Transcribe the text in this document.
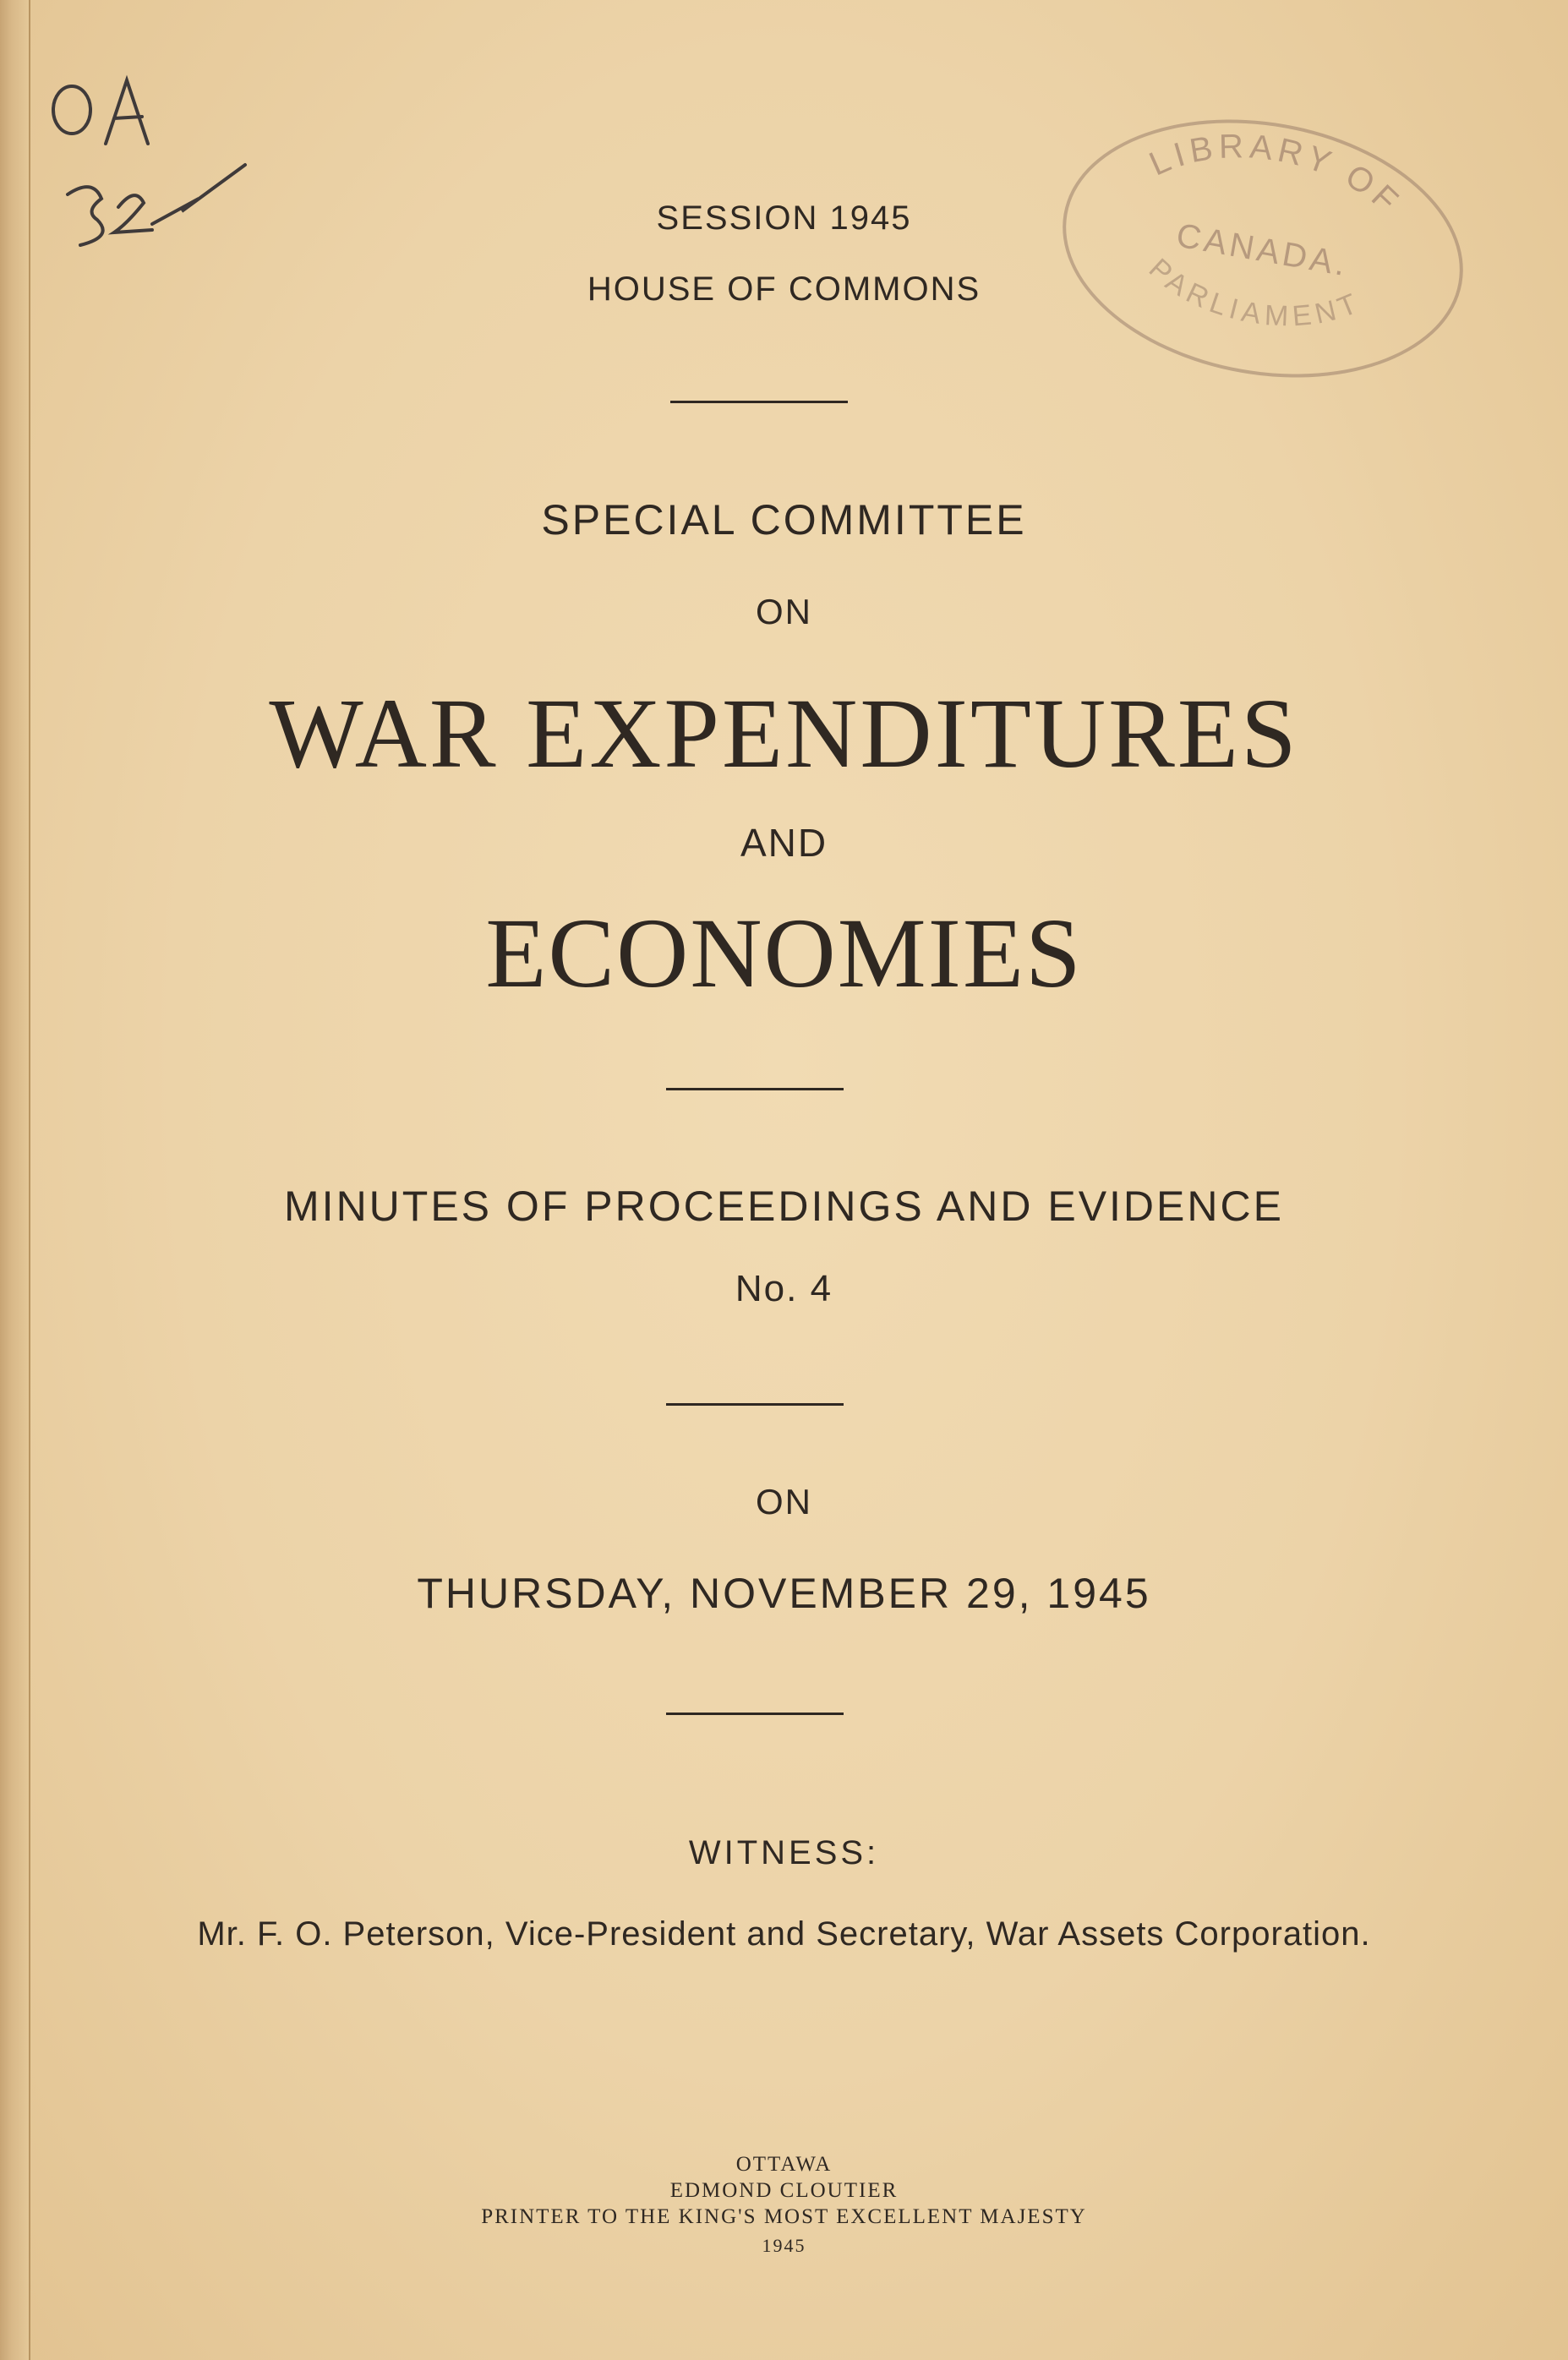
0A
LIBRARY OF
CANADA.
PARLIAMENT
SESSION 1945
HOUSE OF COMMONS
SPECIAL COMMITTEE
ON
WAR EXPENDITURES
AND
ECONOMIES
MINUTES OF PROCEEDINGS AND EVIDENCE
No. 4
ON
THURSDAY, NOVEMBER 29, 1945
WITNESS:
Mr. F. O. Peterson, Vice-President and Secretary, War Assets Corporation.
OTTAWA
EDMOND CLOUTIER
PRINTER TO THE KING'S MOST EXCELLENT MAJESTY
1945
